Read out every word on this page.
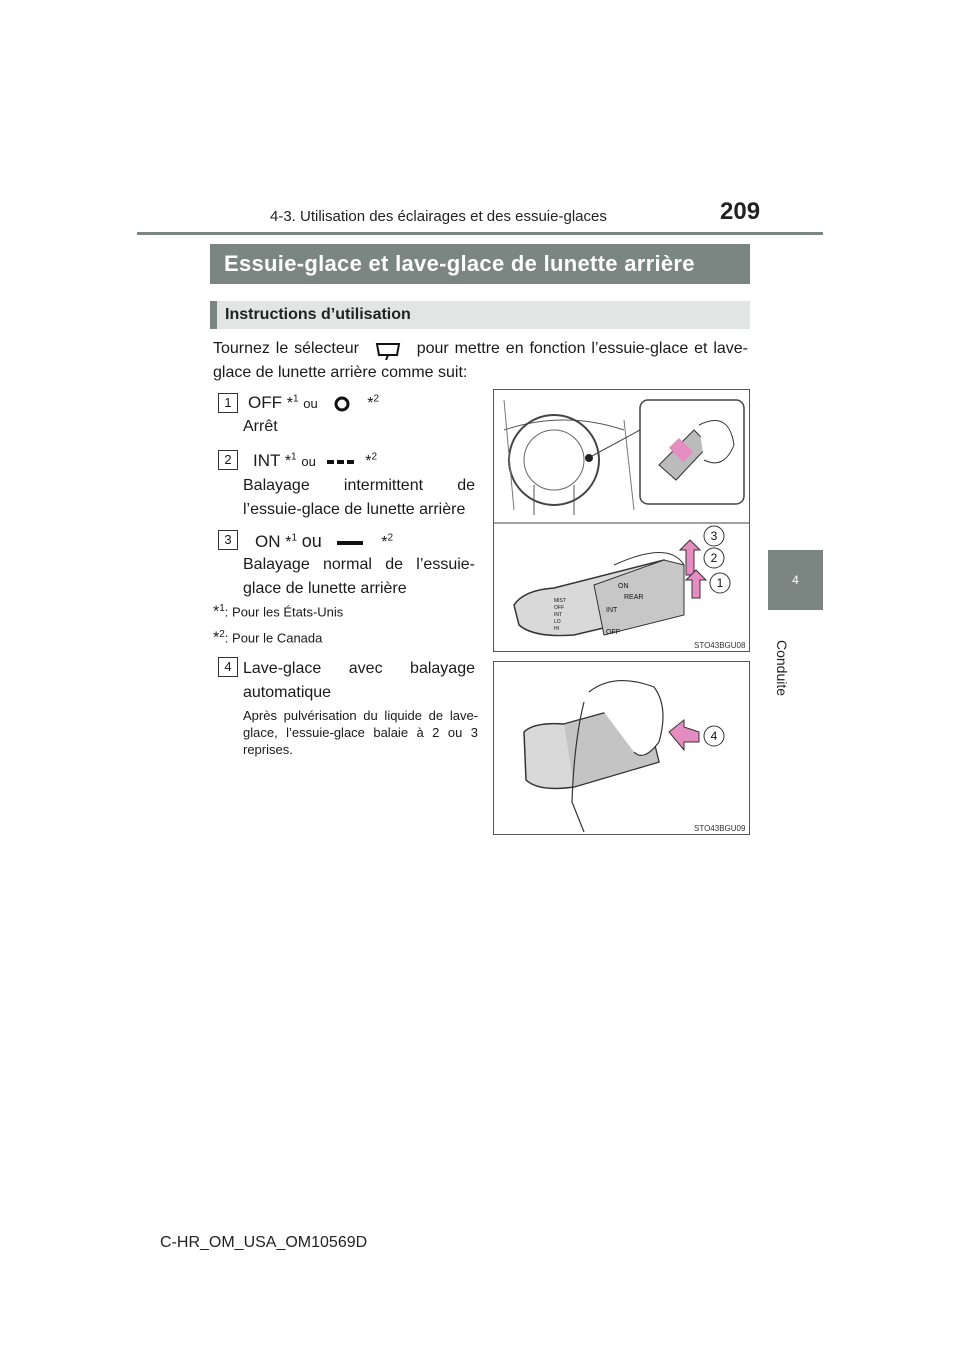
4-3. Utilisation des éclairages et des essuie-glaces	209
4
Conduite
Essuie-glace et lave-glace de lunette arrière
Instructions d’utilisation
Tournez le sélecteur	pour mettre en fonction l’essuie-glace et lave-glace de lunette arrière comme suit:
1 OFF *$^1$ ou	*$^2$
Arrêt
2	INT *$^1$ ou	*$^2$
Balayage intermittent de l’essuie-glace de lunette arrière
3	ON *$^1$ ou	*$^2$
Balayage normal de l’essuie-glace de lunette arrière
*$^1$: Pour les États-Unis
*$^2$: Pour le Canada
4 Lave-glace avec balayage automatique
Après pulvérisation du liquide de lave-glace, l’essuie-glace balaie à 2 ou 3 reprises.
ON
INT
OFF
REAR
MIST
OFF
INT
LO
HI
3
2
1
STO43BGU08
4
STO43BGU09
C-HR_OM_USA_OM10569D
